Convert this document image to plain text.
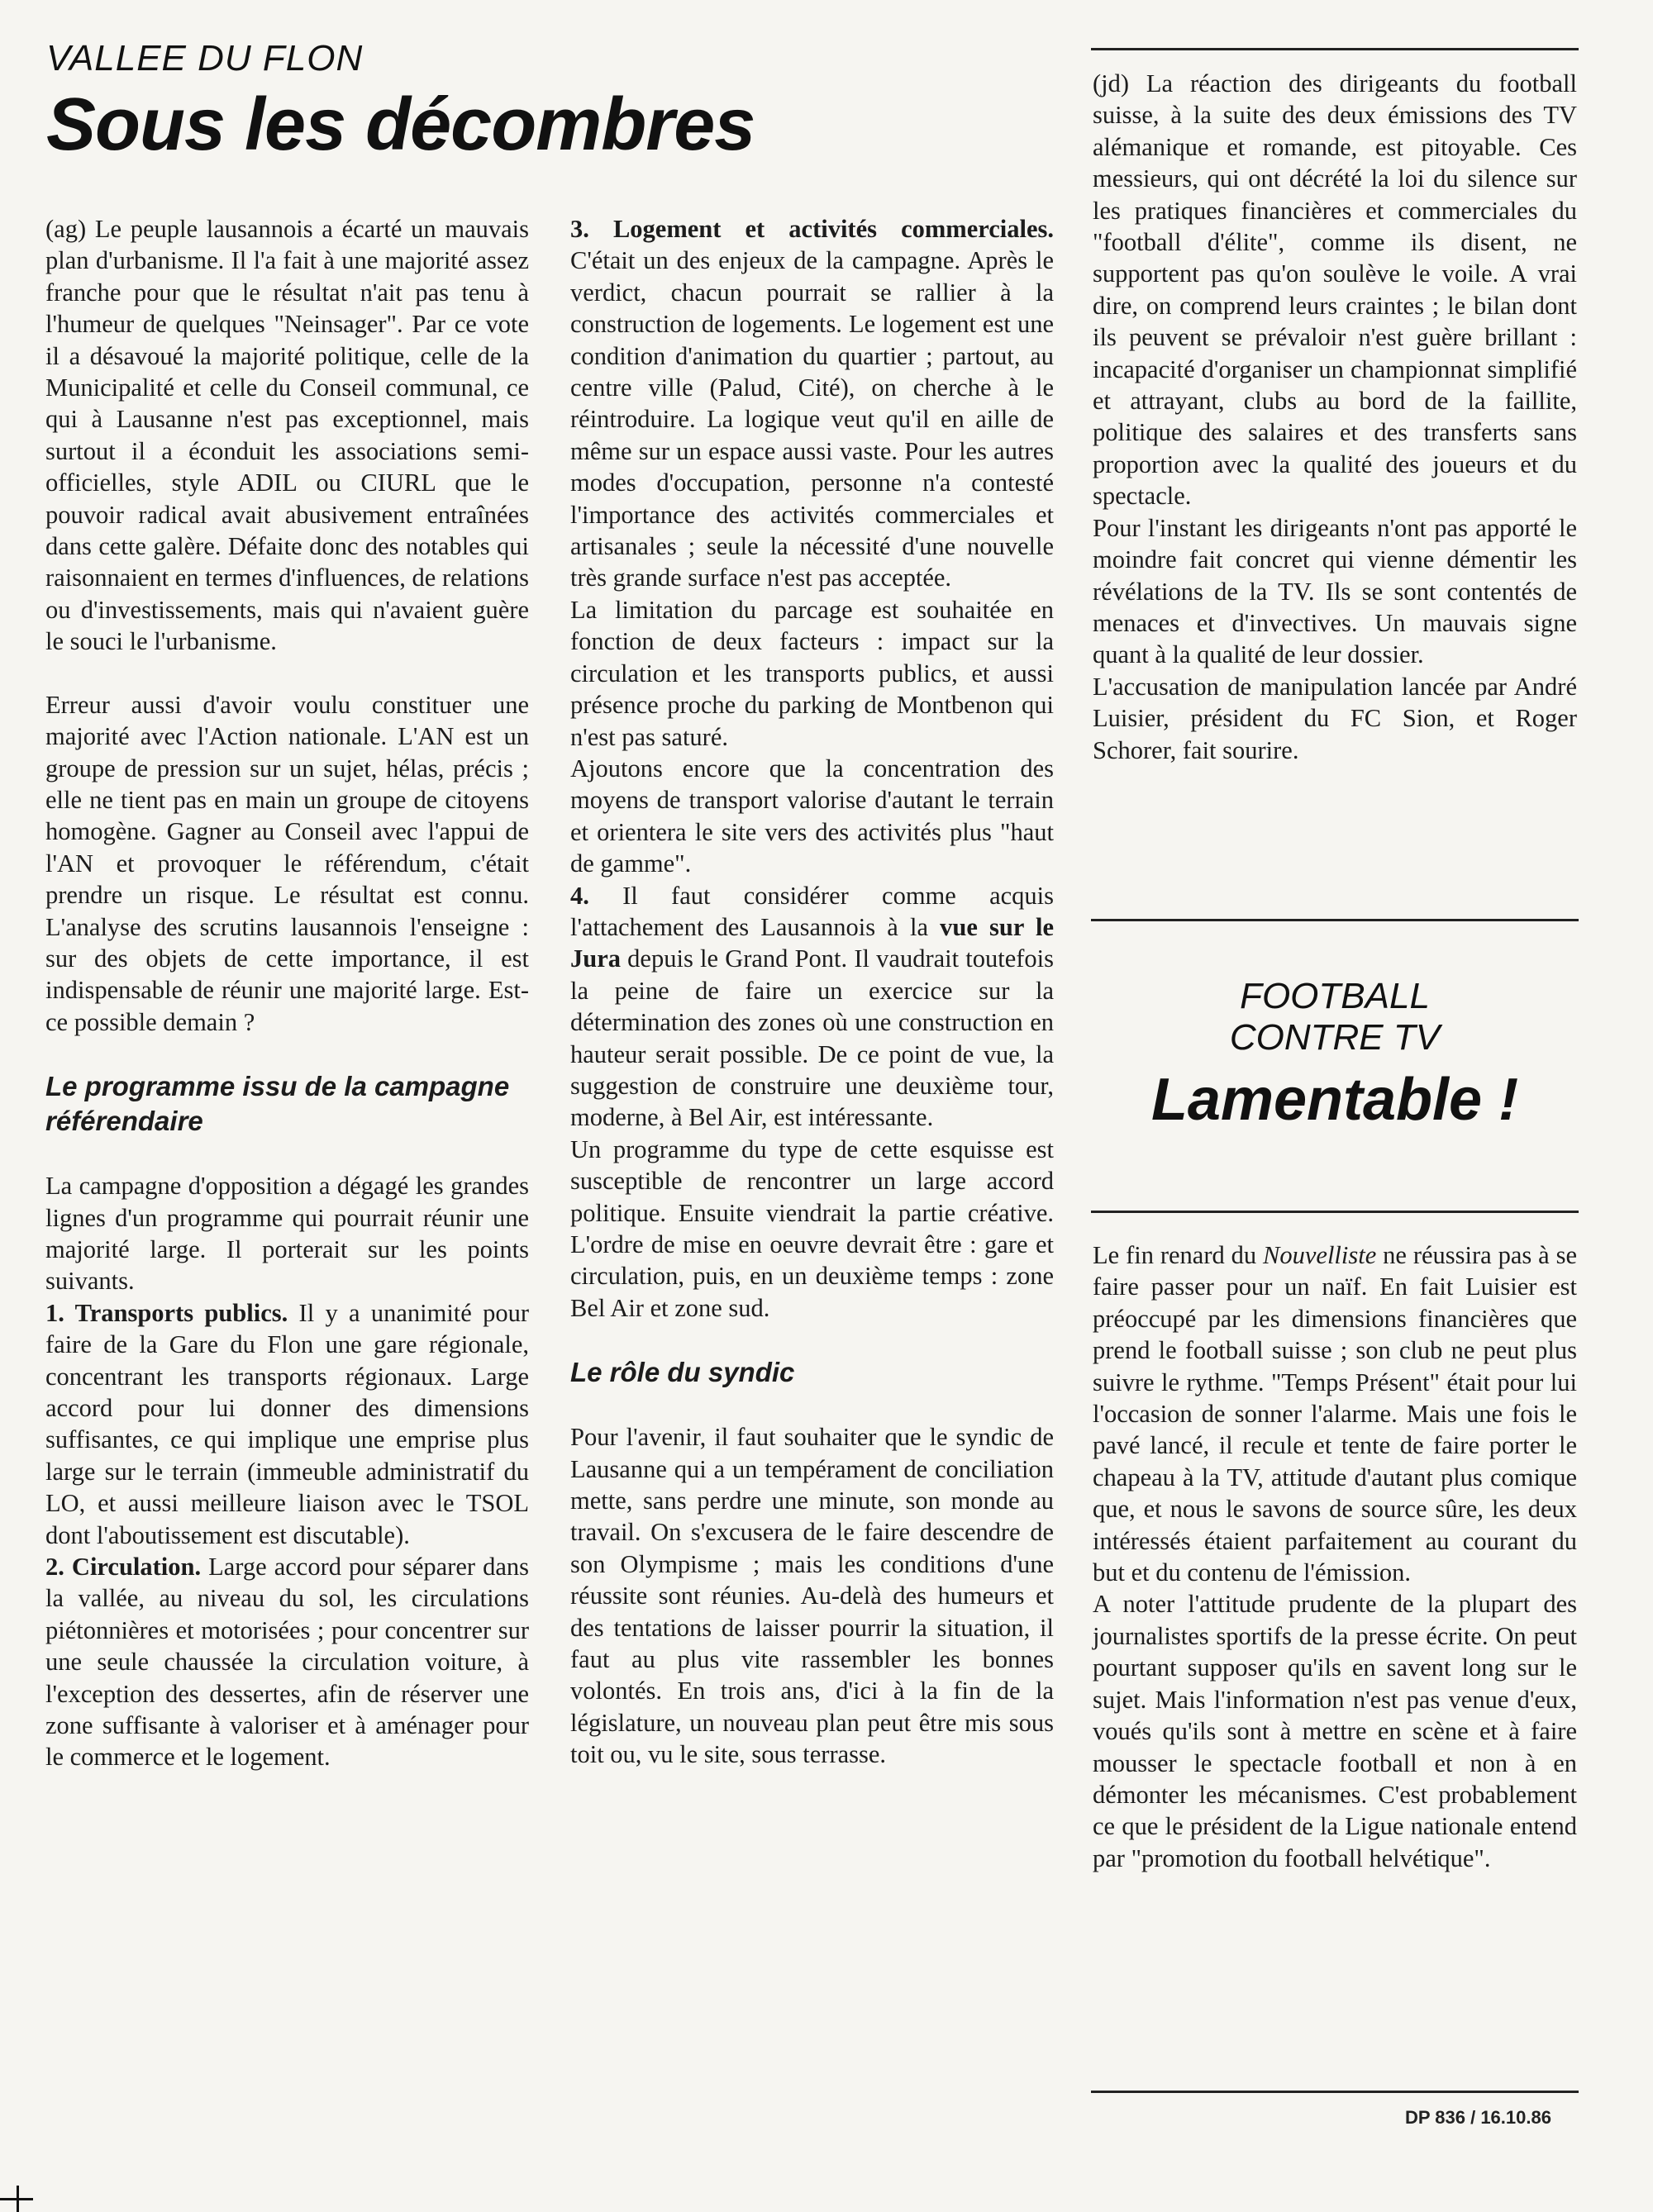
VALLEE DU FLON
Sous les décombres

(ag) Le peuple lausannois a écarté un mauvais plan d'urbanisme. Il l'a fait à une majorité assez franche pour que le résultat n'ait pas tenu à l'humeur de quelques "Neinsager". Par ce vote il a désavoué la majorité politique, celle de la Municipalité et celle du Conseil communal, ce qui à Lausanne n'est pas exceptionnel, mais surtout il a éconduit les associations semi-officielles, style ADIL ou CIURL que le pouvoir radical avait abusivement entraînées dans cette galère. Défaite donc des notables qui raisonnaient en termes d'influences, de relations ou d'investissements, mais qui n'avaient guère le souci le l'urbanisme.

Erreur aussi d'avoir voulu constituer une majorité avec l'Action nationale. L'AN est un groupe de pression sur un sujet, hélas, précis ; elle ne tient pas en main un groupe de citoyens homogène. Gagner au Conseil avec l'appui de l'AN et provoquer le référendum, c'était prendre un risque. Le résultat est connu. L'analyse des scrutins lausannois l'enseigne : sur des objets de cette importance, il est indispensable de réunir une majorité large. Est-ce possible demain ?

Le programme issu de la campagne référendaire

La campagne d'opposition a dégagé les grandes lignes d'un programme qui pourrait réunir une majorité large. Il porterait sur les points suivants.

1. Transports publics. Il y a unanimité pour faire de la Gare du Flon une gare régionale, concentrant les transports régionaux. Large accord pour lui donner des dimensions suffisantes, ce qui implique une emprise plus large sur le terrain (immeuble administratif du LO, et aussi meilleure liaison avec le TSOL dont l'aboutissement est discutable).

2. Circulation. Large accord pour séparer dans la vallée, au niveau du sol, les circulations piétonnières et motorisées ; pour concentrer sur une seule chaussée la circulation voiture, à l'exception des dessertes, afin de réserver une zone suffisante à valoriser et à aménager pour le commerce et le logement.

3. Logement et activités commerciales. C'était un des enjeux de la campagne. Après le verdict, chacun pourrait se rallier à la construction de logements. Le logement est une condition d'animation du quartier ; partout, au centre ville (Palud, Cité), on cherche à le réintroduire. La logique veut qu'il en aille de même sur un espace aussi vaste. Pour les autres modes d'occupation, personne n'a contesté l'importance des activités commerciales et artisanales ; seule la nécessité d'une nouvelle très grande surface n'est pas acceptée.

La limitation du parcage est souhaitée en fonction de deux facteurs : impact sur la circulation et les transports publics, et aussi présence proche du parking de Montbenon qui n'est pas saturé.

Ajoutons encore que la concentration des moyens de transport valorise d'autant le terrain et orientera le site vers des activités plus "haut de gamme".

4. Il faut considérer comme acquis l'attachement des Lausannois à la vue sur le Jura depuis le Grand Pont. Il vaudrait toutefois la peine de faire un exercice sur la détermination des zones où une construction en hauteur serait possible. De ce point de vue, la suggestion de construire une deuxième tour, moderne, à Bel Air, est intéressante.

Un programme du type de cette esquisse est susceptible de rencontrer un large accord politique. Ensuite viendrait la partie créative. L'ordre de mise en oeuvre devrait être : gare et circulation, puis, en un deuxième temps : zone Bel Air et zone sud.

Le rôle du syndic

Pour l'avenir, il faut souhaiter que le syndic de Lausanne qui a un tempérament de conciliation mette, sans perdre une minute, son monde au travail. On s'excusera de le faire descendre de son Olympisme ; mais les conditions d'une réussite sont réunies. Au-delà des humeurs et des tentations de laisser pourrir la situation, il faut au plus vite rassembler les bonnes volontés. En trois ans, d'ici à la fin de la législature, un nouveau plan peut être mis sous toit ou, vu le site, sous terrasse.

(jd) La réaction des dirigeants du football suisse, à la suite des deux émissions des TV alémanique et romande, est pitoyable. Ces messieurs, qui ont décrété la loi du silence sur les pratiques financières et commerciales du "football d'élite", comme ils disent, ne supportent pas qu'on soulève le voile. A vrai dire, on comprend leurs craintes ; le bilan dont ils peuvent se prévaloir n'est guère brillant : incapacité d'organiser un championnat simplifié et attrayant, clubs au bord de la faillite, politique des salaires et des transferts sans proportion avec la qualité des joueurs et du spectacle.

Pour l'instant les dirigeants n'ont pas apporté le moindre fait concret qui vienne démentir les révélations de la TV. Ils se sont contentés de menaces et d'invectives. Un mauvais signe quant à la qualité de leur dossier.

L'accusation de manipulation lancée par André Luisier, président du FC Sion, et Roger Schorer, fait sourire.

FOOTBALL
CONTRE TV
Lamentable !

Le fin renard du Nouvelliste ne réussira pas à se faire passer pour un naïf. En fait Luisier est préoccupé par les dimensions financières que prend le football suisse ; son club ne peut plus suivre le rythme. "Temps Présent" était pour lui l'occasion de sonner l'alarme. Mais une fois le pavé lancé, il recule et tente de faire porter le chapeau à la TV, attitude d'autant plus comique que, et nous le savons de source sûre, les deux intéressés étaient parfaitement au courant du but et du contenu de l'émission.

A noter l'attitude prudente de la plupart des journalistes sportifs de la presse écrite. On peut pourtant supposer qu'ils en savent long sur le sujet. Mais l'information n'est pas venue d'eux, voués qu'ils sont à mettre en scène et à faire mousser le spectacle football et non à en démonter les mécanismes. C'est probablement ce que le président de la Ligue nationale entend par "promotion du football helvétique".

DP 836 / 16.10.86
